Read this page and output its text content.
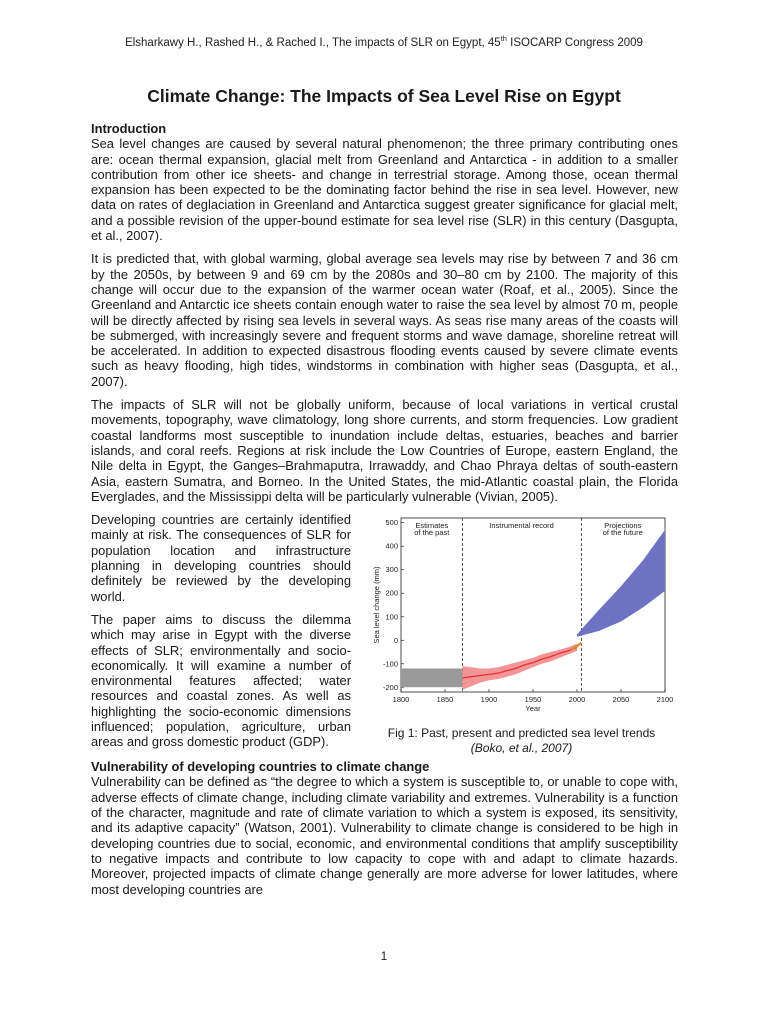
Elsharkawy H., Rashed H., & Rached I., The impacts of SLR on Egypt, 45th ISOCARP Congress 2009
Climate Change: The Impacts of Sea Level Rise on Egypt
Introduction

Sea level changes are caused by several natural phenomenon; the three primary contributing ones are: ocean thermal expansion, glacial melt from Greenland and Antarctica - in addition to a smaller contribution from other ice sheets- and change in terrestrial storage. Among those, ocean thermal expansion has been expected to be the dominating factor behind the rise in sea level. However, new data on rates of deglaciation in Greenland and Antarctica suggest greater significance for glacial melt, and a possible revision of the upper-bound estimate for sea level rise (SLR) in this century (Dasgupta, et al., 2007).

It is predicted that, with global warming, global average sea levels may rise by between 7 and 36 cm by the 2050s, by between 9 and 69 cm by the 2080s and 30–80 cm by 2100. The majority of this change will occur due to the expansion of the warmer ocean water (Roaf, et al., 2005). Since the Greenland and Antarctic ice sheets contain enough water to raise the sea level by almost 70 m, people will be directly affected by rising sea levels in several ways. As seas rise many areas of the coasts will be submerged, with increasingly severe and frequent storms and wave damage, shoreline retreat will be accelerated. In addition to expected disastrous flooding events caused by severe climate events such as heavy flooding, high tides, windstorms in combination with higher seas (Dasgupta, et al., 2007).

The impacts of SLR will not be globally uniform, because of local variations in vertical crustal movements, topography, wave climatology, long shore currents, and storm frequencies. Low gradient coastal landforms most susceptible to inundation include deltas, estuaries, beaches and barrier islands, and coral reefs. Regions at risk include the Low Countries of Europe, eastern England, the Nile delta in Egypt, the Ganges–Brahmaputra, Irrawaddy, and Chao Phraya deltas of south-eastern Asia, eastern Sumatra, and Borneo. In the United States, the mid-Atlantic coastal plain, the Florida Everglades, and the Mississippi delta will be particularly vulnerable (Vivian, 2005).

Developing countries are certainly identified mainly at risk. The consequences of SLR for population location and infrastructure planning in developing countries should definitely be reviewed by the developing world.

The paper aims to discuss the dilemma which may arise in Egypt with the diverse effects of SLR; environmentally and socio-economically. It will examine a number of environmental features affected; water resources and coastal zones. As well as highlighting the socio-economic dimensions influenced; population, agriculture, urban areas and gross domestic product (GDP).

500
400
300
200
100
0
-100
-200
1800	1850	1900	1950	2000	2050	2100
Year
Sea level change (mm)
Estimates
of the past
Instrumental record	Projections
of the future
Fig 1: Past, present and predicted sea level trends
(Boko, et al., 2007)
Vulnerability of developing countries to climate change

Vulnerability can be defined as “the degree to which a system is susceptible to, or unable to cope with, adverse effects of climate change, including climate variability and extremes. Vulnerability is a function of the character, magnitude and rate of climate variation to which a system is exposed, its sensitivity, and its adaptive capacity” (Watson, 2001). Vulnerability to climate change is considered to be high in developing countries due to social, economic, and environmental conditions that amplify susceptibility to negative impacts and contribute to low capacity to cope with and adapt to climate hazards. Moreover, projected impacts of climate change generally are more adverse for lower latitudes, where most developing countries are

1
